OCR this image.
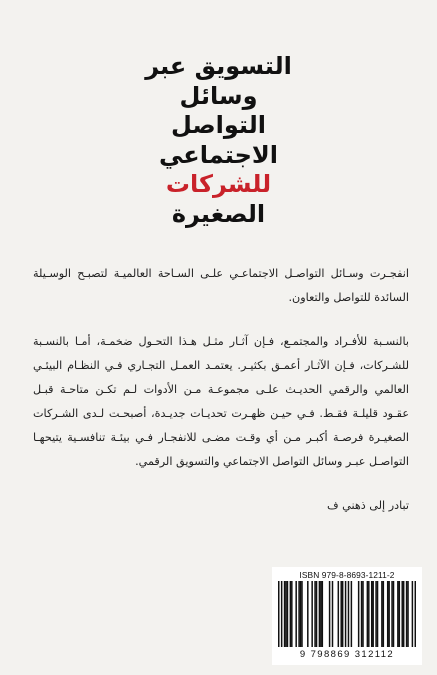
التسويق عبر
وسائل
التواصل
الاجتماعي
للشركات
الصغيرة

انفجـرت وسـائل التواصـل الاجتماعـي علـى السـاحة العالميـة لتصبـح الوسـيلة السائدة للتواصل والتعاون.

بالنسـبة للأفـراد والمجتمـع، فـإن آثـار مثـل هـذا التحـول ضخمـة، أمـا بالنسـبة للشـركات، فـإن الآثـار أعمـق بكثيـر. يعتمـد العمـل التجـاري فـي النظـام البيئـي العالمي والرقمي الحديـث علـى مجموعـة مـن الأدوات لـم تكـن متاحـة قبـل عقـود قليلـة فقـط. فـي حيـن ظهـرت تحديـات جديـدة، أصبحـت لـدى الشـركات الصغيـرة فرصـة أكبـر مـن أي وقـت مضـى للانفجـار فـي بيئـة تنافسـية يتيحهـا التواصـل عبـر وسائل التواصل الاجتماعي والتسويق الرقمي.

تبادر إلى ذهني ف

ISBN 979-8-8693-1211-2
9 798869 312112
